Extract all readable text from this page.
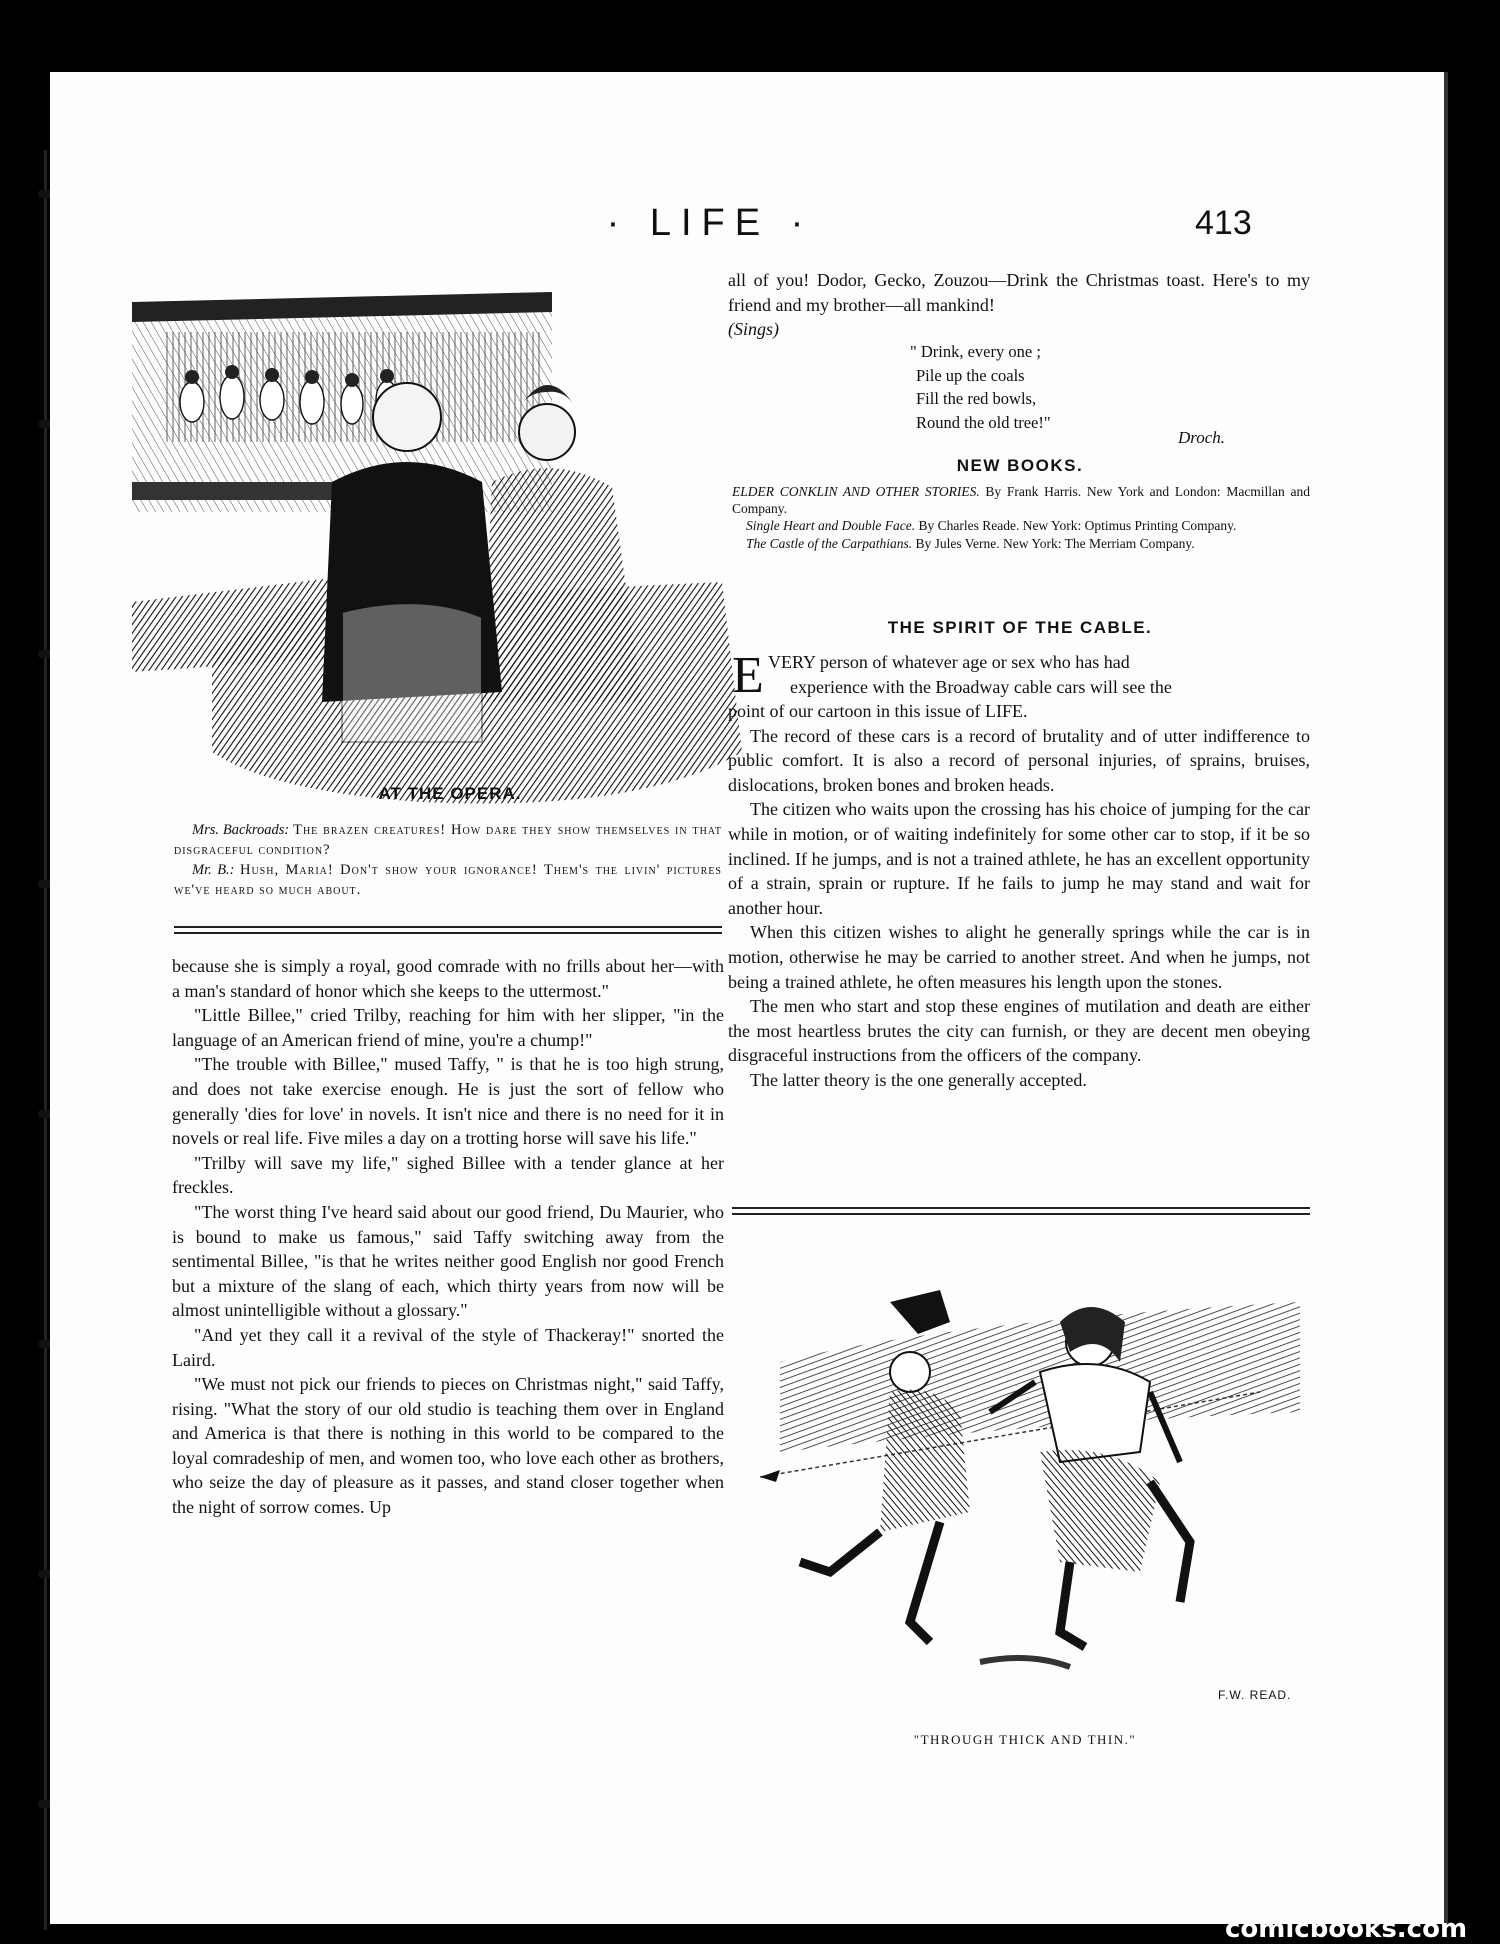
· LIFE ·	413
AT THE OPERA.

Mrs. Backroads: The brazen creatures! How dare they show themselves in that disgraceful condition?

Mr. B.: Hush, Maria! Don't show your ignorance! Them's the livin' pictures we've heard so much about.

because she is simply a royal, good comrade with no frills about her—with a man's standard of honor which she keeps to the uttermost."

"Little Billee," cried Trilby, reaching for him with her slipper, "in the language of an American friend of mine, you're a chump!"

"The trouble with Billee," mused Taffy, " is that he is too high strung, and does not take exercise enough. He is just the sort of fellow who generally 'dies for love' in novels. It isn't nice and there is no need for it in novels or real life. Five miles a day on a trotting horse will save his life."

"Trilby will save my life," sighed Billee with a tender glance at her freckles.

"The worst thing I've heard said about our good friend, Du Maurier, who is bound to make us famous," said Taffy switching away from the sentimental Billee, "is that he writes neither good English nor good French but a mixture of the slang of each, which thirty years from now will be almost unintelligible without a glossary."

"And yet they call it a revival of the style of Thackeray!" snorted the Laird.

"We must not pick our friends to pieces on Christmas night," said Taffy, rising. "What the story of our old studio is teaching them over in England and America is that there is nothing in this world to be compared to the loyal comradeship of men, and women too, who love each other as brothers, who seize the day of pleasure as it passes, and stand closer together when the night of sorrow comes. Up

all of you! Dodor, Gecko, Zouzou—Drink the Christmas toast. Here's to my friend and my brother—all mankind!

(Sings)

" Drink, every one ;
Pile up the coals
Fill the red bowls,
Round the old tree!"
Droch.
NEW BOOKS.

ELDER CONKLIN AND OTHER STORIES. By Frank Harris. New York and London: Macmillan and Company.

Single Heart and Double Face. By Charles Reade. New York: Optimus Printing Company.

The Castle of the Carpathians. By Jules Verne. New York: The Merriam Company.

THE SPIRIT OF THE CABLE.
E VERY person of whatever age or sex who has had

experience with the Broadway cable cars will see the

point of our cartoon in this issue of LIFE.

The record of these cars is a record of brutality and of utter indifference to public comfort. It is also a record of personal injuries, of sprains, bruises, dislocations, broken bones and broken heads.

The citizen who waits upon the crossing has his choice of jumping for the car while in motion, or of waiting indefinitely for some other car to stop, if it be so inclined. If he jumps, and is not a trained athlete, he has an excellent opportunity of a strain, sprain or rupture. If he fails to jump he may stand and wait for another hour.

When this citizen wishes to alight he generally springs while the car is in motion, otherwise he may be carried to another street. And when he jumps, not being a trained athlete, he often measures his length upon the stones.

The men who start and stop these engines of mutilation and death are either the most heartless brutes the city can furnish, or they are decent men obeying disgraceful instructions from the officers of the company.

The latter theory is the one generally accepted.

F.W. READ.
"THROUGH THICK AND THIN."
comicbooks.com
